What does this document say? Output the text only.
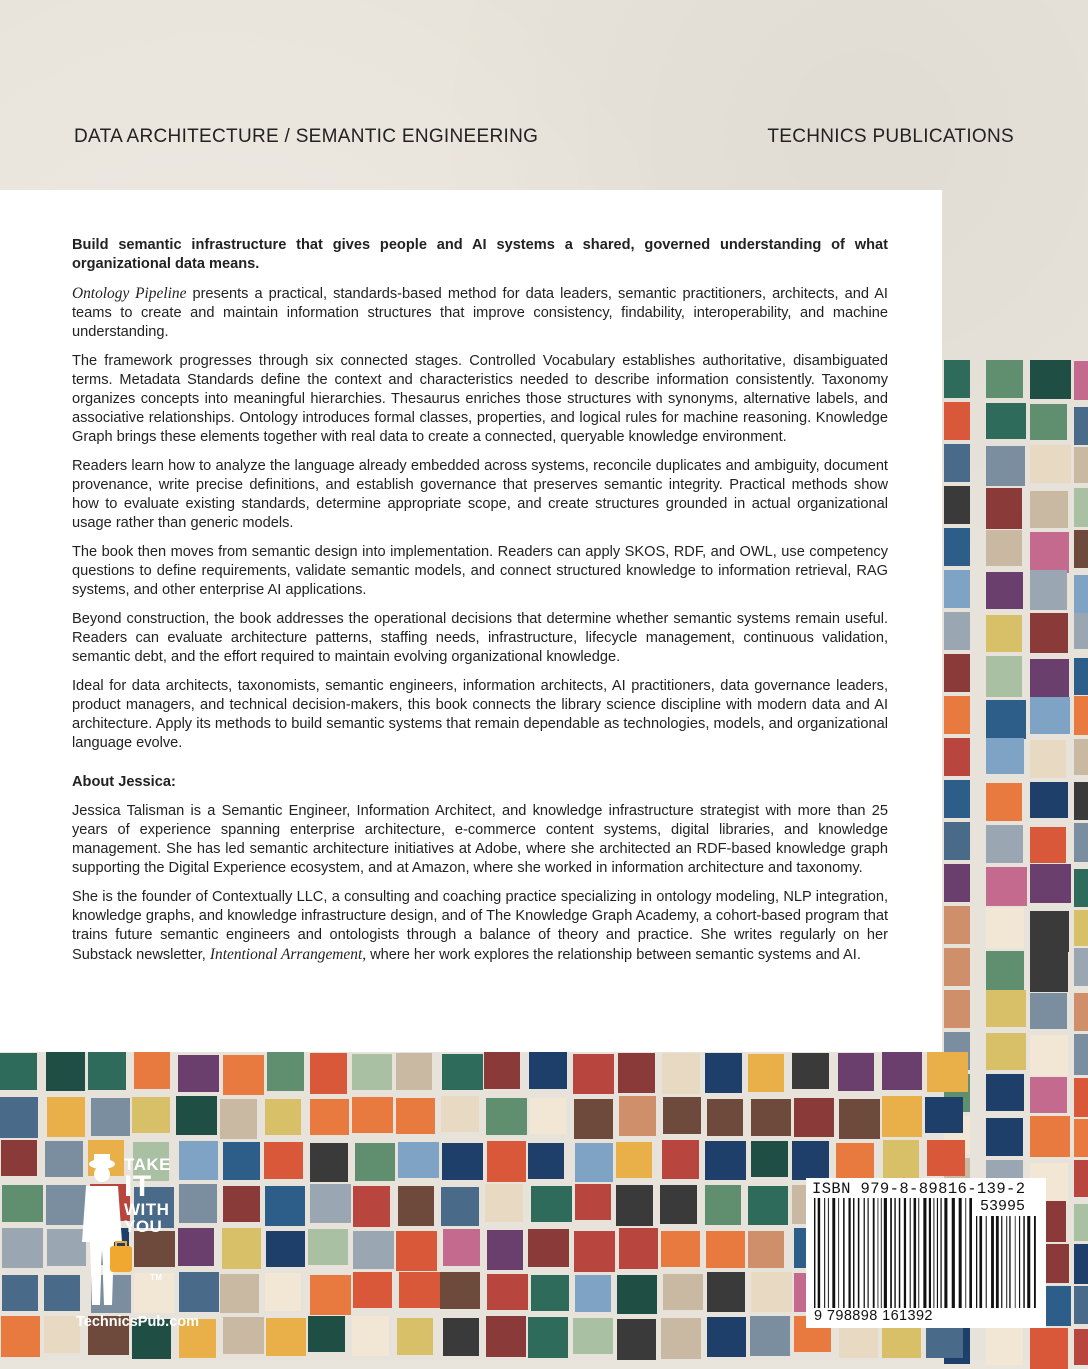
DATA ARCHITECTURE / SEMANTIC ENGINEERING	TECHNICS PUBLICATIONS

Build semantic infrastructure that gives people and AI systems a shared, governed understanding of what organizational data means.

Ontology Pipeline presents a practical, standards-based method for data leaders, semantic practitioners, architects, and AI teams to create and maintain information structures that improve consistency, findability, interoperability, and machine understanding.

The framework progresses through six connected stages. Controlled Vocabulary establishes authoritative, disambiguated terms. Metadata Standards define the context and characteristics needed to describe information consistently. Taxonomy organizes concepts into meaningful hierarchies. Thesaurus enriches those structures with synonyms, alternative labels, and associative relationships. Ontology introduces formal classes, properties, and logical rules for machine reasoning. Knowledge Graph brings these elements together with real data to create a connected, queryable knowledge environment.

Readers learn how to analyze the language already embedded across systems, reconcile duplicates and ambiguity, document provenance, write precise definitions, and establish governance that preserves semantic integrity. Practical methods show how to evaluate existing standards, determine appropriate scope, and create structures grounded in actual organizational usage rather than generic models.

The book then moves from semantic design into implementation. Readers can apply SKOS, RDF, and OWL, use competency questions to define requirements, validate semantic models, and connect structured knowledge to information retrieval, RAG systems, and other enterprise AI applications.

Beyond construction, the book addresses the operational decisions that determine whether semantic systems remain useful. Readers can evaluate architecture patterns, staffing needs, infrastructure, lifecycle management, continuous validation, semantic debt, and the effort required to maintain evolving organizational knowledge.

Ideal for data architects, taxonomists, semantic engineers, information architects, AI practitioners, data governance leaders, product managers, and technical decision-makers, this book connects the library science discipline with modern data and AI architecture. Apply its methods to build semantic systems that remain dependable as technologies, models, and organizational language evolve.

About Jessica:

Jessica Talisman is a Semantic Engineer, Information Architect, and knowledge infrastructure strategist with more than 25 years of experience spanning enterprise architecture, e-commerce content systems, digital libraries, and knowledge management. She has led semantic architecture initiatives at Adobe, where she architected an RDF-based knowledge graph supporting the Digital Experience ecosystem, and at Amazon, where she worked in information architecture and taxonomy.

She is the founder of Contextually LLC, a consulting and coaching practice specializing in ontology modeling, NLP integration, knowledge graphs, and knowledge infrastructure design, and of The Knowledge Graph Academy, a cohort-based program that trains future semantic engineers and ontologists through a balance of theory and practice. She writes regularly on her Substack newsletter, Intentional Arrangement, where her work explores the relationship between semantic systems and AI.

TAKE
IT
WITH
YOU
TM
TechnicsPub.com
ISBN 979-8-89816-139-2
53995
9 798898 161392
